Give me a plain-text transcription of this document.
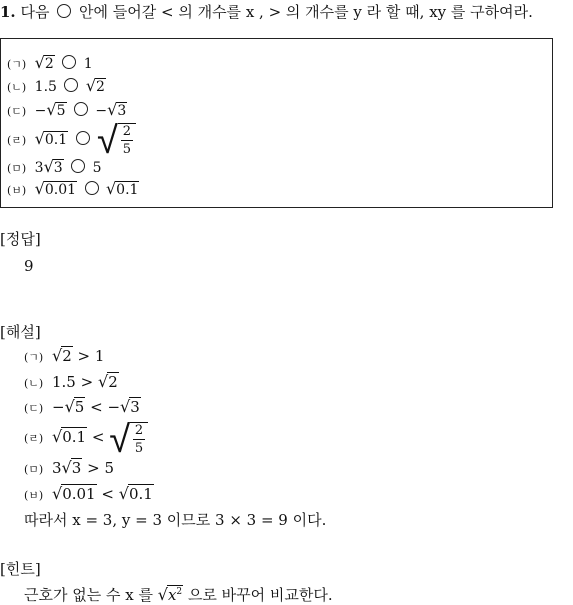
1. 다음 안에 들어갈 < 의 개수를 x , > 의 개수를 y 라 할 때, xy 를 구하여라.
(ㄱ) √2 1
(ㄴ) 1.5 √2
(ㄷ) −√5  −√3
(ㄹ) √0.1 √ $\frac{2}{5}$
(ㅁ) 3√3 5
(ㅂ) √0.01 √0.1
[정답]
9
[해설]
(ㄱ) √2 > 1
(ㄴ) 1.5 > √2
(ㄷ) −√5 < −√3
(ㄹ) √0.1 < √ $\frac{2}{5}$
(ㅁ) 3√3 > 5
(ㅂ) √0.01 < √0.1
따라서 x = 3, y = 3 이므로 3 × 3 = 9 이다.
[힌트]
근호가 없는 수 x 를 $√x^2$ 으로 바꾸어 비교한다.
